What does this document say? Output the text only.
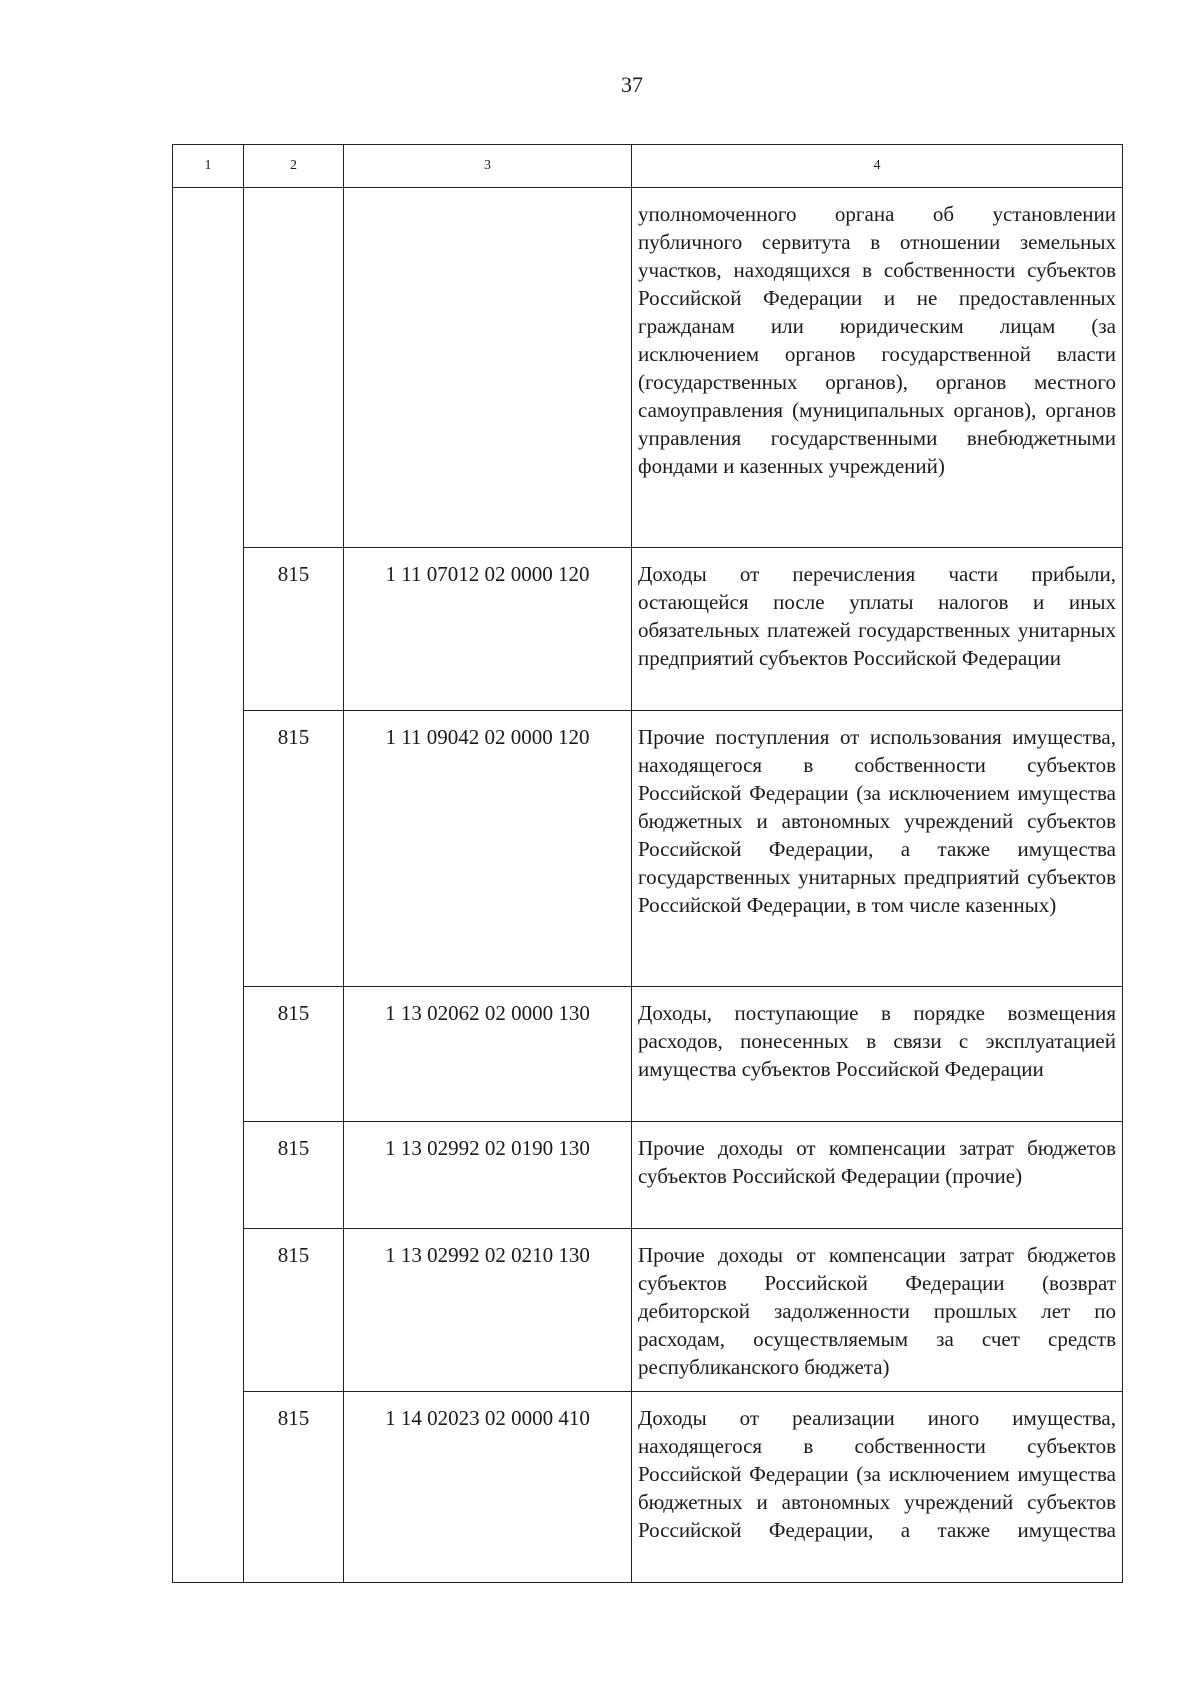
37
1	2	3	4
			уполномоченного органа об установлении публичного сервитута в отношении земельных участков, находящихся в собственности субъектов Российской Федерации и не предоставленных гражданам или юридическим лицам (за исключением органов государственной власти (государственных органов), органов местного самоуправления (муниципальных органов), органов управления государственными внебюджетными фондами и казенных учреждений)
	815	1 11 07012 02 0000 120	Доходы от перечисления части прибыли, остающейся после уплаты налогов и иных обязательных платежей государственных унитарных предприятий субъектов Российской Федерации
	815	1 11 09042 02 0000 120	Прочие поступления от использования имущества, находящегося в собственности субъектов Российской Федерации (за исключением имущества бюджетных и автономных учреждений субъектов Российской Федерации, а также имущества государственных унитарных предприятий субъектов Российской Федерации, в том числе казенных)
	815	1 13 02062 02 0000 130	Доходы, поступающие в порядке возмещения расходов, понесенных в связи с эксплуатацией имущества субъектов Российской Федерации
	815	1 13 02992 02 0190 130	Прочие доходы от компенсации затрат бюджетов субъектов Российской Федерации (прочие)
	815	1 13 02992 02 0210 130	Прочие доходы от компенсации затрат бюджетов субъектов Российской Федерации (возврат дебиторской задолженности прошлых лет по расходам, осуществляемым за счет средств республиканского бюджета)
	815	1 14 02023 02 0000 410	Доходы от реализации иного имущества, находящегося в собственности субъектов Российской Федерации (за исключением имущества бюджетных и автономных учреждений субъектов Российской Федерации, а также имущества
